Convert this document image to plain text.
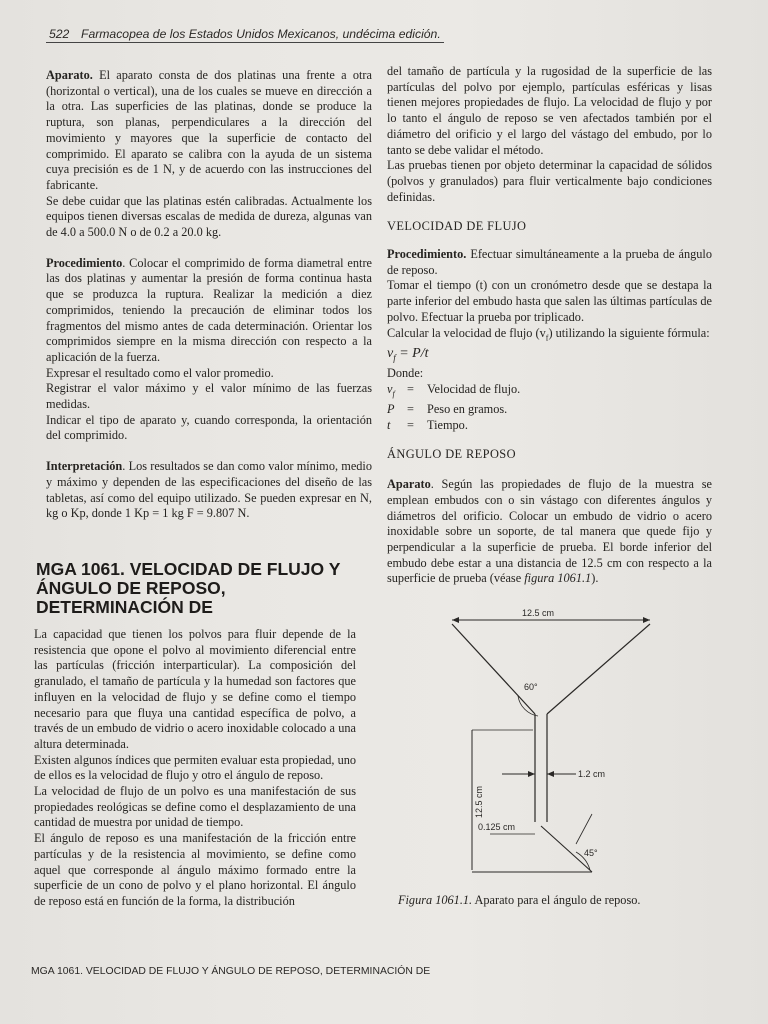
522 Farmacopea de los Estados Unidos Mexicanos, undécima edición.

Aparato. El aparato consta de dos platinas una frente a otra (horizontal o vertical), una de los cuales se mueve en dirección a la otra. Las superficies de las platinas, donde se produce la ruptura, son planas, perpendiculares a la dirección del movimiento y mayores que la superficie de contacto del comprimido. El aparato se calibra con la ayuda de un sistema cuya precisión es de 1 N, y de acuerdo con las instrucciones del fabricante.

Se debe cuidar que las platinas estén calibradas. Actualmente los equipos tienen diversas escalas de medida de dureza, algunas van de 4.0 a 500.0 N o de 0.2 a 20.0 kg.

Procedimiento. Colocar el comprimido de forma diametral entre las dos platinas y aumentar la presión de forma continua hasta que se produzca la ruptura. Realizar la medición a diez comprimidos, teniendo la precaución de eliminar todos los fragmentos del mismo antes de cada determinación. Orientar los comprimidos siempre en la misma dirección con respecto a la aplicación de la fuerza.

Expresar el resultado como el valor promedio.

Registrar el valor máximo y el valor mínimo de las fuerzas medidas.

Indicar el tipo de aparato y, cuando corresponda, la orientación del comprimido.

Interpretación. Los resultados se dan como valor mínimo, medio y máximo y dependen de las especificaciones del diseño de las tabletas, así como del equipo utilizado. Se pueden expresar en N, kg o Kp, donde 1 Kp = 1 kg F = 9.807 N.

MGA 1061. VELOCIDAD DE FLUJO Y ÁNGULO DE REPOSO, DETERMINACIÓN DE

La capacidad que tienen los polvos para fluir depende de la resistencia que opone el polvo al movimiento diferencial entre las partículas (fricción interparticular). La composición del granulado, el tamaño de partícula y la humedad son factores que influyen en la velocidad de flujo y se define como el tiempo necesario para que fluya una cantidad específica de polvo, a través de un embudo de vidrio o acero inoxidable colocado a una altura determinada.

Existen algunos índices que permiten evaluar esta propiedad, uno de ellos es la velocidad de flujo y otro el ángulo de reposo.

La velocidad de flujo de un polvo es una manifestación de sus propiedades reológicas se define como el desplazamiento de una cantidad de muestra por unidad de tiempo.

El ángulo de reposo es una manifestación de la fricción entre partículas y de la resistencia al movimiento, se define como aquel que corresponde al ángulo máximo formado entre la superficie de un cono de polvo y el plano horizontal. El ángulo de reposo está en función de la forma, la distribución

del tamaño de partícula y la rugosidad de la superficie de las partículas del polvo por ejemplo, partículas esféricas y lisas tienen mejores propiedades de flujo. La velocidad de flujo y por lo tanto el ángulo de reposo se ven afectados también por el diámetro del orificio y el largo del vástago del embudo, por lo tanto se debe validar el método.

Las pruebas tienen por objeto determinar la capacidad de sólidos (polvos y granulados) para fluir verticalmente bajo condiciones definidas.

VELOCIDAD DE FLUJO

Procedimiento. Efectuar simultáneamente a la prueba de ángulo de reposo.

Tomar el tiempo (t) con un cronómetro desde que se destapa la parte inferior del embudo hasta que salen las últimas partículas de polvo. Efectuar la prueba por triplicado.

Calcular la velocidad de flujo $(v_f)$ utilizando la siguiente fórmula:

$v_f = P/t$

Donde:

$v_f$ =	Velocidad de flujo.
P	=	Peso en gramos.
t	=	Tiempo.

ÁNGULO DE REPOSO

Aparato. Según las propiedades de flujo de la muestra se emplean embudos con o sin vástago con diferentes ángulos y diámetros del orificio. Colocar un embudo de vidrio o acero inoxidable sobre un soporte, de tal manera que quede fijo y perpendicular a la superficie de prueba. El borde inferior del embudo debe estar a una distancia de 12.5 cm con respecto a la superficie de prueba (véase figura 1061.1).

12.5 cm
60°
1.2 cm
12.5 cm
0.125 cm
45°
Figura 1061.1. Aparato para el ángulo de reposo.
MGA 1061. VELOCIDAD DE FLUJO Y ÁNGULO DE REPOSO, DETERMINACIÓN DE
